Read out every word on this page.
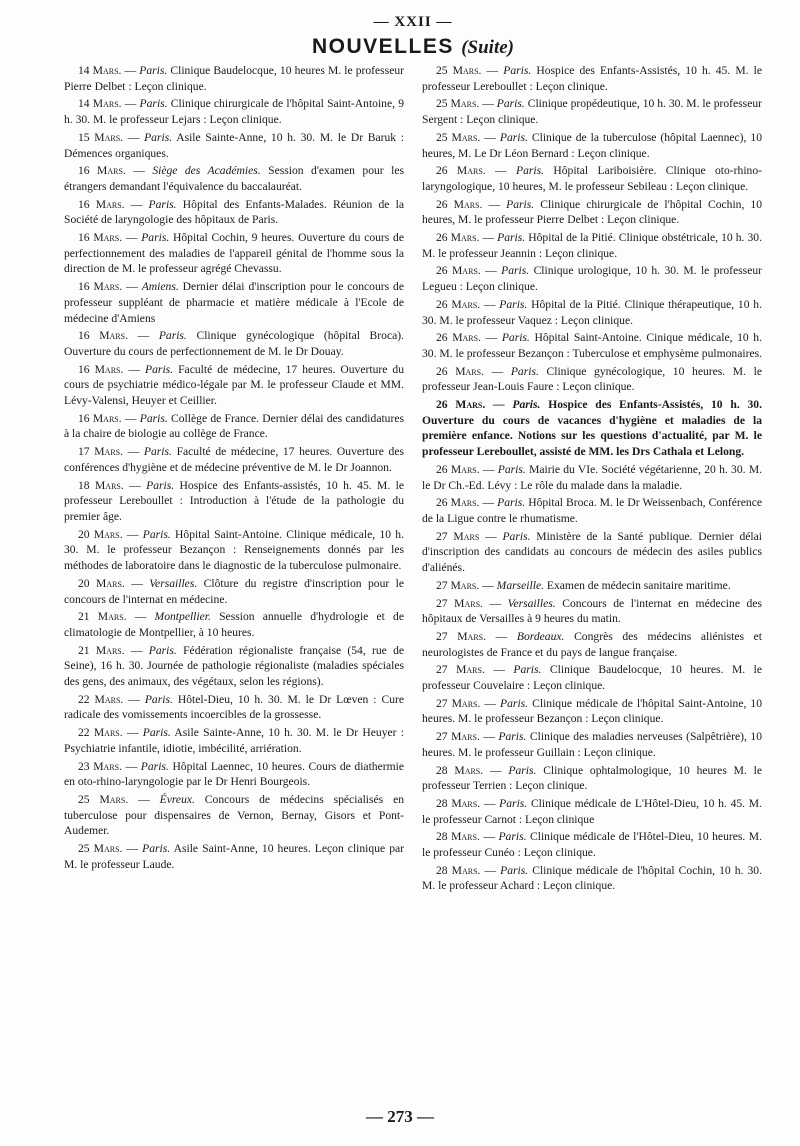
— XXII —
NOUVELLES (Suite)

14 Mars. — Paris. Clinique Baudelocque, 10 heures M. le professeur Pierre Delbet : Leçon clinique.

14 Mars. — Paris. Clinique chirurgicale de l'hôpital Saint-Antoine, 9 h. 30. M. le professeur Lejars : Leçon clinique.

15 Mars. — Paris. Asile Sainte-Anne, 10 h. 30. M. le Dr Baruk : Démences organiques.

16 Mars. — Siège des Académies. Session d'examen pour les étrangers demandant l'équivalence du baccalauréat.

16 Mars. — Paris. Hôpital des Enfants-Malades. Réunion de la Société de laryngologie des hôpitaux de Paris.

16 Mars. — Paris. Hôpital Cochin, 9 heures. Ouverture du cours de perfectionnement des maladies de l'appareil génital de l'homme sous la direction de M. le professeur agrégé Chevassu.

16 Mars. — Amiens. Dernier délai d'inscription pour le concours de professeur suppléant de pharmacie et matière médicale à l'Ecole de médecine d'Amiens

16 Mars. — Paris. Clinique gynécologique (hôpital Broca). Ouverture du cours de perfectionnement de M. le Dr Douay.

16 Mars. — Paris. Faculté de médecine, 17 heures. Ouverture du cours de psychiatrie médico-légale par M. le professeur Claude et MM. Lévy-Valensi, Heuyer et Ceillier.

16 Mars. — Paris. Collège de France. Dernier délai des candidatures à la chaire de biologie au collège de France.

17 Mars. — Paris. Faculté de médecine, 17 heures. Ouverture des conférences d'hygiène et de médecine préventive de M. le Dr Joannon.

18 Mars. — Paris. Hospice des Enfants-assistés, 10 h. 45. M. le professeur Lereboullet : Introduction à l'étude de la pathologie du premier âge.

20 Mars. — Paris. Hôpital Saint-Antoine. Clinique médicale, 10 h. 30. M. le professeur Bezançon : Renseignements donnés par les méthodes de laboratoire dans le diagnostic de la tuberculose pulmonaire.

20 Mars. — Versailles. Clôture du registre d'inscription pour le concours de l'internat en médecine.

21 Mars. — Montpellier. Session annuelle d'hydrologie et de climatologie de Montpellier, à 10 heures.

21 Mars. — Paris. Fédération régionaliste française (54, rue de Seine), 16 h. 30. Journée de pathologie régionaliste (maladies spéciales des gens, des animaux, des végétaux, selon les régions).

22 Mars. — Paris. Hôtel-Dieu, 10 h. 30. M. le Dr Lœven : Cure radicale des vomissements incoercibles de la grossesse.

22 Mars. — Paris. Asile Sainte-Anne, 10 h. 30. M. le Dr Heuyer : Psychiatrie infantile, idiotie, imbécilité, arriération.

23 Mars. — Paris. Hôpital Laennec, 10 heures. Cours de diathermie en oto-rhino-laryngologie par le Dr Henri Bourgeois.

25 Mars. — Évreux. Concours de médecins spécialisés en tuberculose pour dispensaires de Vernon, Bernay, Gisors et Pont-Audemer.

25 Mars. — Paris. Asile Saint-Anne, 10 heures. Leçon clinique par M. le professeur Laude.

25 Mars. — Paris. Hospice des Enfants-Assistés, 10 h. 45. M. le professeur Lereboullet : Leçon clinique.

25 Mars. — Paris. Clinique propédeutique, 10 h. 30. M. le professeur Sergent : Leçon clinique.

25 Mars. — Paris. Clinique de la tuberculose (hôpital Laennec), 10 heures, M. Le Dr Léon Bernard : Leçon clinique.

26 Mars. — Paris. Hôpital Lariboisière. Clinique oto-rhino-laryngologique, 10 heures, M. le professeur Sebileau : Leçon clinique.

26 Mars. — Paris. Clinique chirurgicale de l'hôpital Cochin, 10 heures, M. le professeur Pierre Delbet : Leçon clinique.

26 Mars. — Paris. Hôpital de la Pitié. Clinique obstétricale, 10 h. 30. M. le professeur Jeannin : Leçon clinique.

26 Mars. — Paris. Clinique urologique, 10 h. 30. M. le professeur Legueu : Leçon clinique.

26 Mars. — Paris. Hôpital de la Pitié. Clinique thérapeutique, 10 h. 30. M. le professeur Vaquez : Leçon clinique.

26 Mars. — Paris. Hôpital Saint-Antoine. Cinique médicale, 10 h. 30. M. le professeur Bezançon : Tuberculose et emphysème pulmonaires.

26 Mars. — Paris. Clinique gynécologique, 10 heures. M. le professeur Jean-Louis Faure : Leçon clinique.

26 Mars. — Paris. Hospice des Enfants-Assistés, 10 h. 30. Ouverture du cours de vacances d'hygiène et maladies de la première enfance. Notions sur les questions d'actualité, par M. le professeur Lereboullet, assisté de MM. les Drs Cathala et Lelong.

26 Mars. — Paris. Mairie du VIe. Société végétarienne, 20 h. 30. M. le Dr Ch.-Ed. Lévy : Le rôle du malade dans la maladie.

26 Mars. — Paris. Hôpital Broca. M. le Dr Weissenbach, Conférence de la Ligue contre le rhumatisme.

27 Mars — Paris. Ministère de la Santé publique. Dernier délai d'inscription des candidats au concours de médecin des asiles publics d'aliénés.

27 Mars. — Marseille. Examen de médecin sanitaire maritime.

27 Mars. — Versailles. Concours de l'internat en médecine des hôpitaux de Versailles à 9 heures du matin.

27 Mars. — Bordeaux. Congrès des médecins aliénistes et neurologistes de France et du pays de langue française.

27 Mars. — Paris. Clinique Baudelocque, 10 heures. M. le professeur Couvelaire : Leçon clinique.

27 Mars. — Paris. Clinique médicale de l'hôpital Saint-Antoine, 10 heures. M. le professeur Bezançon : Leçon clinique.

27 Mars. — Paris. Clinique des maladies nerveuses (Salpêtrière), 10 heures. M. le professeur Guillain : Leçon clinique.

28 Mars. — Paris. Clinique ophtalmologique, 10 heures M. le professeur Terrien : Leçon clinique.

28 Mars. — Paris. Clinique médicale de L'Hôtel-Dieu, 10 h. 45. M. le professeur Carnot : Leçon clinique

28 Mars. — Paris. Clinique médicale de l'Hôtel-Dieu, 10 heures. M. le professeur Cunéo : Leçon clinique.

28 Mars. — Paris. Clinique médicale de l'hôpital Cochin, 10 h. 30. M. le professeur Achard : Leçon clinique.

— 273 —
